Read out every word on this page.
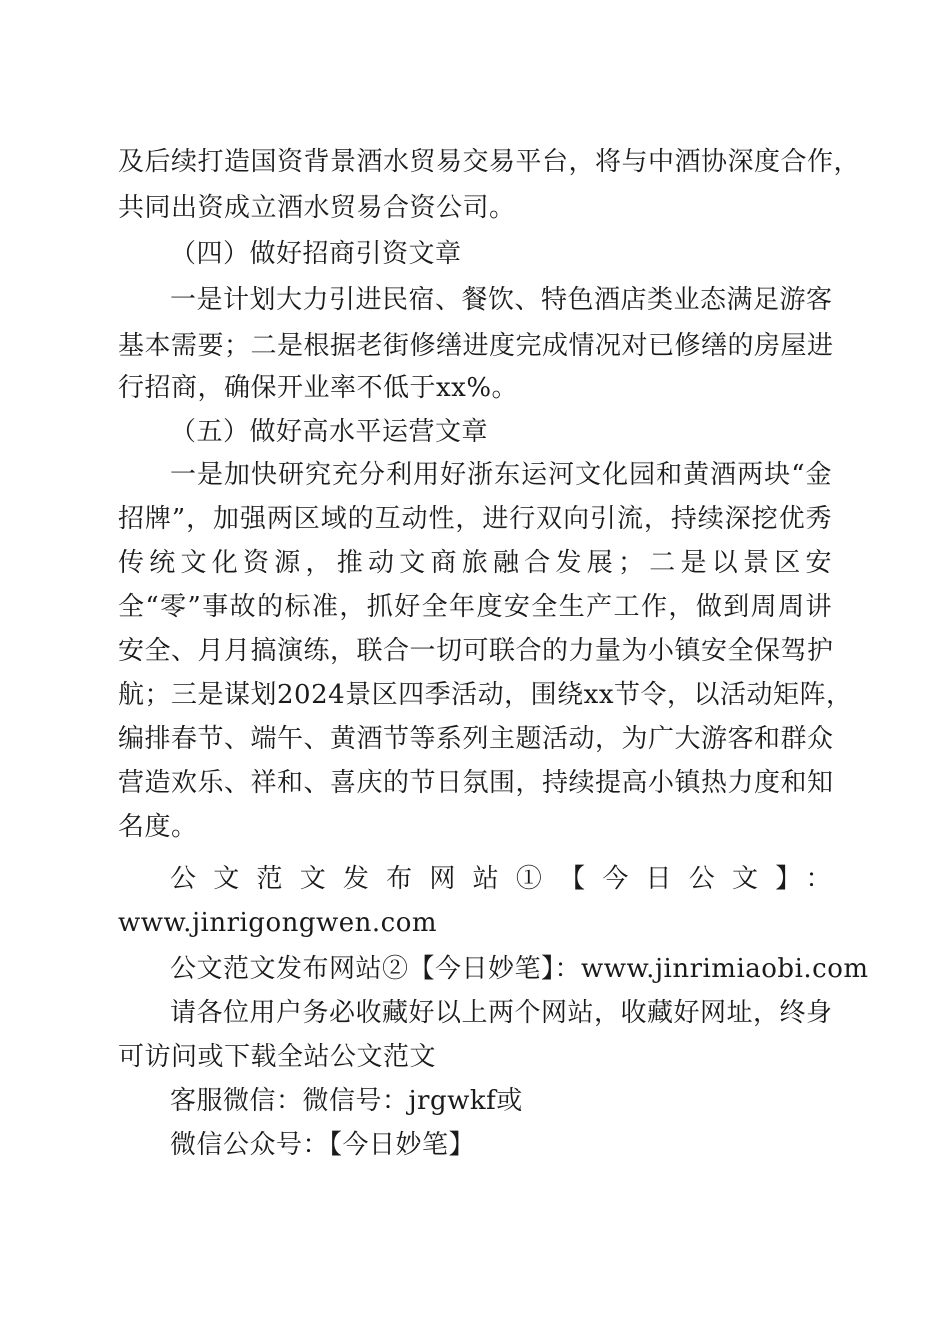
及后续打造国资背景酒水贸易交易平台，将与中酒协深度合作，
共同出资成立酒水贸易合资公司。
（四）做好招商引资文章
一是计划大力引进民宿、餐饮、特色酒店类业态满足游客
基本需要；二是根据老街修缮进度完成情况对已修缮的房屋进
行招商，确保开业率不低于xx%。
（五）做好高水平运营文章
一是加快研究充分利用好浙东运河文化园和黄酒两块“金
招牌”，加强两区域的互动性，进行双向引流，持续深挖优秀
传统文化资源，推动文商旅融合发展；二是以景区安
全“零”事故的标准，抓好全年度安全生产工作，做到周周讲
安全、月月搞演练，联合一切可联合的力量为小镇安全保驾护
航；三是谋划2024景区四季活动，围绕xx节令，以活动矩阵，
编排春节、端午、黄酒节等系列主题活动，为广大游客和群众
营造欢乐、祥和、喜庆的节日氛围，持续提高小镇热力度和知
名度。
公文范文发布网站①【今日公文】：
www.jinrigongwen.com
公文范文发布网站②【今日妙笔】：www.jinrimiaobi.com
请各位用户务必收藏好以上两个网站，收藏好网址，终身
可访问或下载全站公文范文
客服微信：微信号：jrgwkf或
微信公众号：【今日妙笔】
